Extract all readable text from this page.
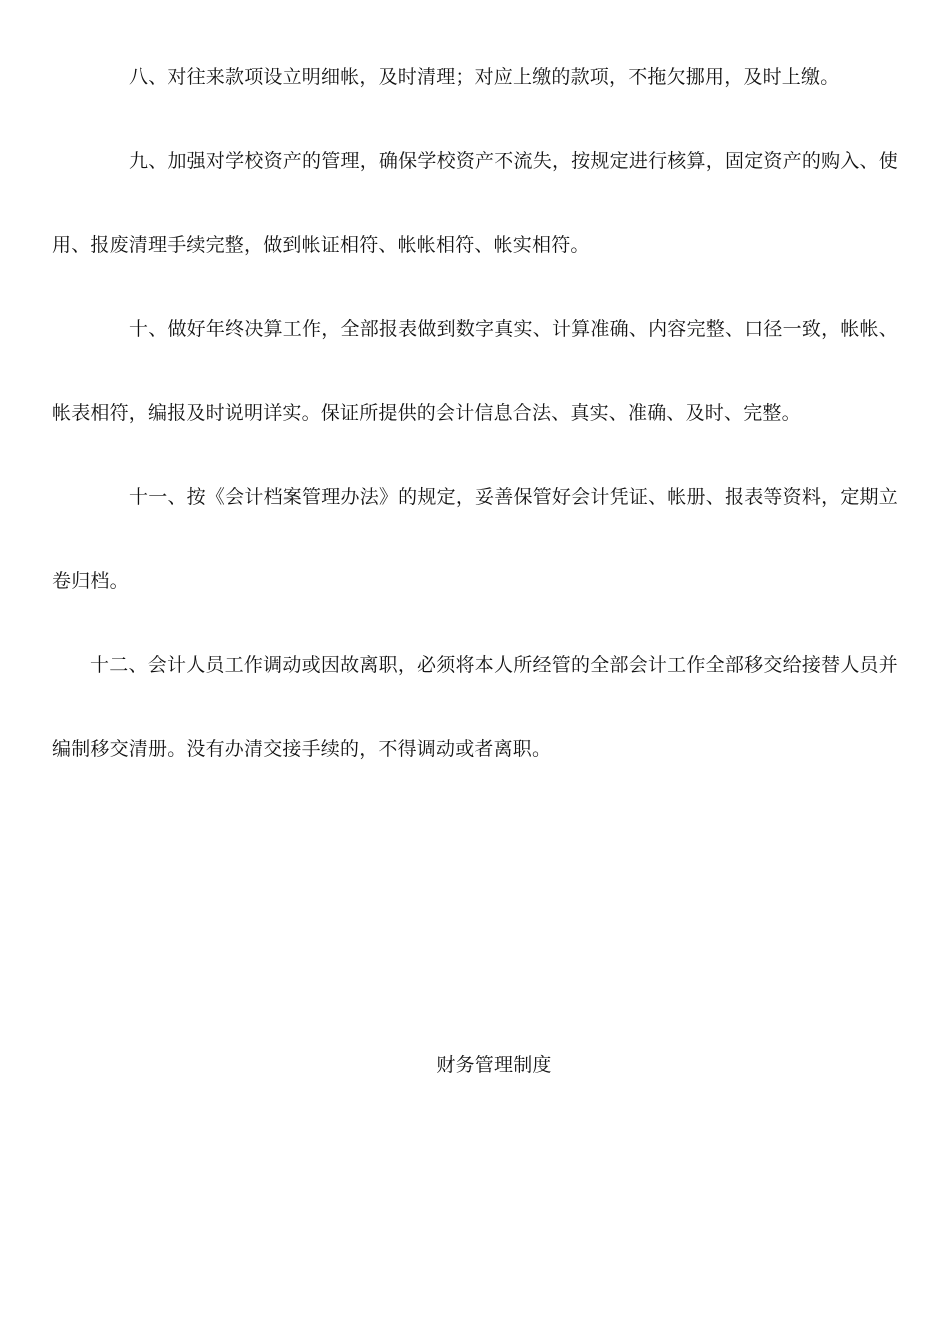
八、对往来款项设立明细帐，及时清理；对应上缴的款项，不拖欠挪用，及时上缴。

九、加强对学校资产的管理，确保学校资产不流失，按规定进行核算，固定资产的购入、使用、报废清理手续完整，做到帐证相符、帐帐相符、帐实相符。

十、做好年终决算工作，全部报表做到数字真实、计算准确、内容完整、口径一致，帐帐、帐表相符，编报及时说明详实。保证所提供的会计信息合法、真实、准确、及时、完整。

十一、按《会计档案管理办法》的规定，妥善保管好会计凭证、帐册、报表等资料，定期立卷归档。

十二、会计人员工作调动或因故离职，必须将本人所经管的全部会计工作全部移交给接替人员并编制移交清册。没有办清交接手续的，不得调动或者离职。

财务管理制度
